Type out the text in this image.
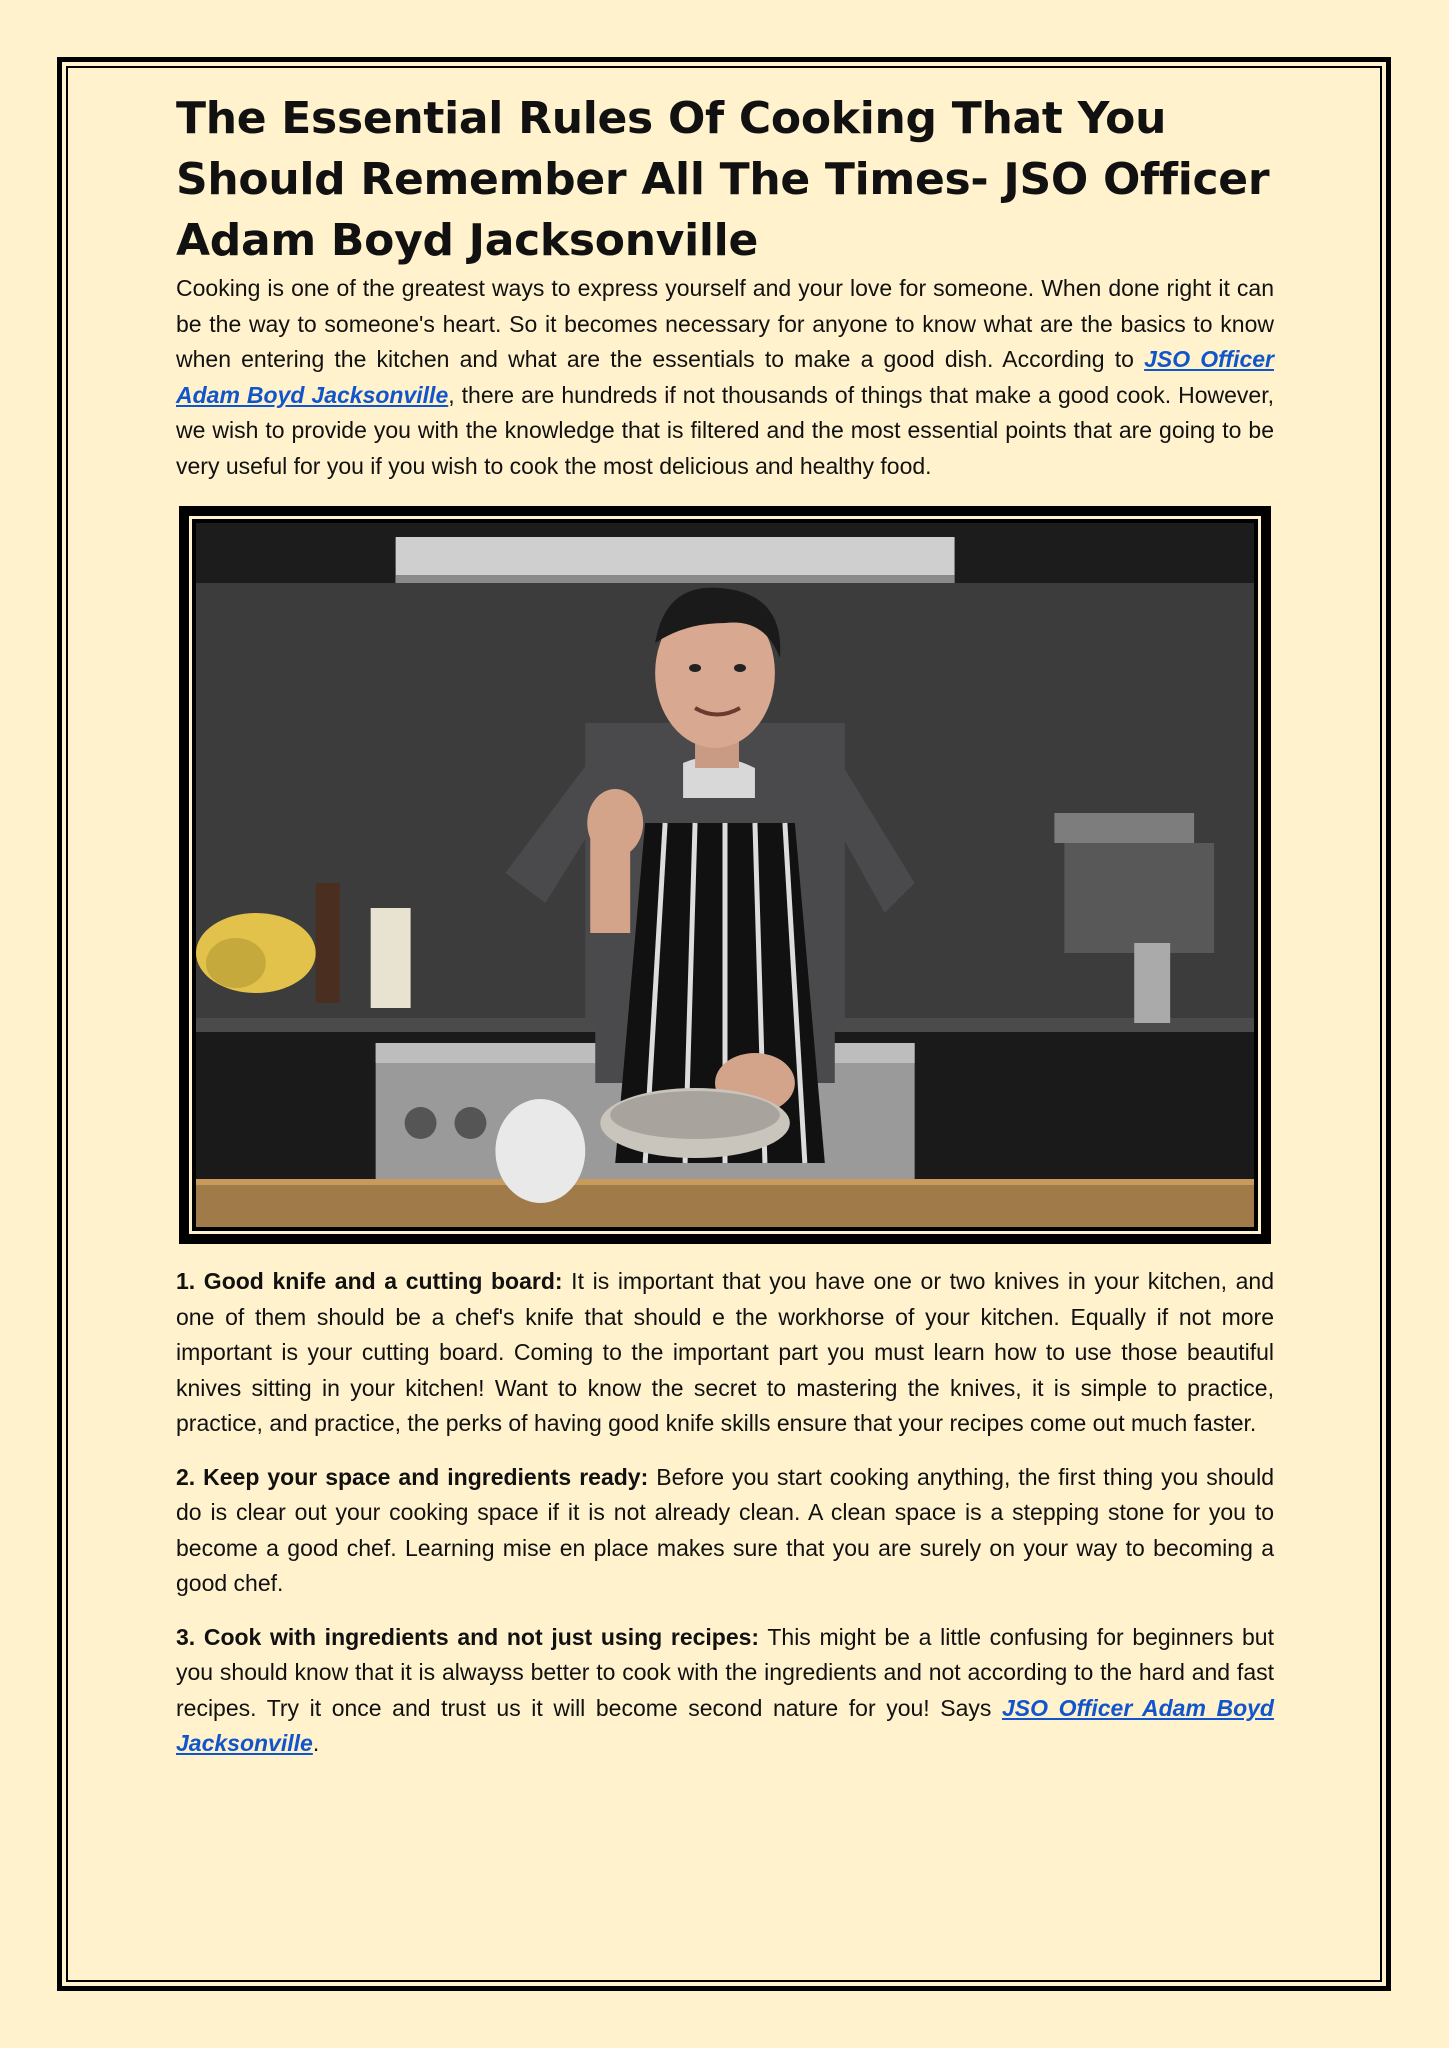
The Essential Rules Of Cooking That You Should Remember All The Times- JSO Officer Adam Boyd Jacksonville

Cooking is one of the greatest ways to express yourself and your love for someone. When done right it can be the way to someone's heart. So it becomes necessary for anyone to know what are the basics to know when entering the kitchen and what are the essentials to make a good dish. According to JSO Officer Adam Boyd Jacksonville, there are hundreds if not thousands of things that make a good cook. However, we wish to provide you with the knowledge that is filtered and the most essential points that are going to be very useful for you if you wish to cook the most delicious and healthy food.

1. Good knife and a cutting board: It is important that you have one or two knives in your kitchen, and one of them should be a chef's knife that should e the workhorse of your kitchen. Equally if not more important is your cutting board. Coming to the important part you must learn how to use those beautiful knives sitting in your kitchen! Want to know the secret to mastering the knives, it is simple to practice, practice, and practice, the perks of having good knife skills ensure that your recipes come out much faster.

2. Keep your space and ingredients ready: Before you start cooking anything, the first thing you should do is clear out your cooking space if it is not already clean. A clean space is a stepping stone for you to become a good chef. Learning mise en place makes sure that you are surely on your way to becoming a good chef.

3. Cook with ingredients and not just using recipes: This might be a little confusing for beginners but you should know that it is alwayss better to cook with the ingredients and not according to the hard and fast recipes. Try it once and trust us it will become second nature for you! Says JSO Officer Adam Boyd Jacksonville.
